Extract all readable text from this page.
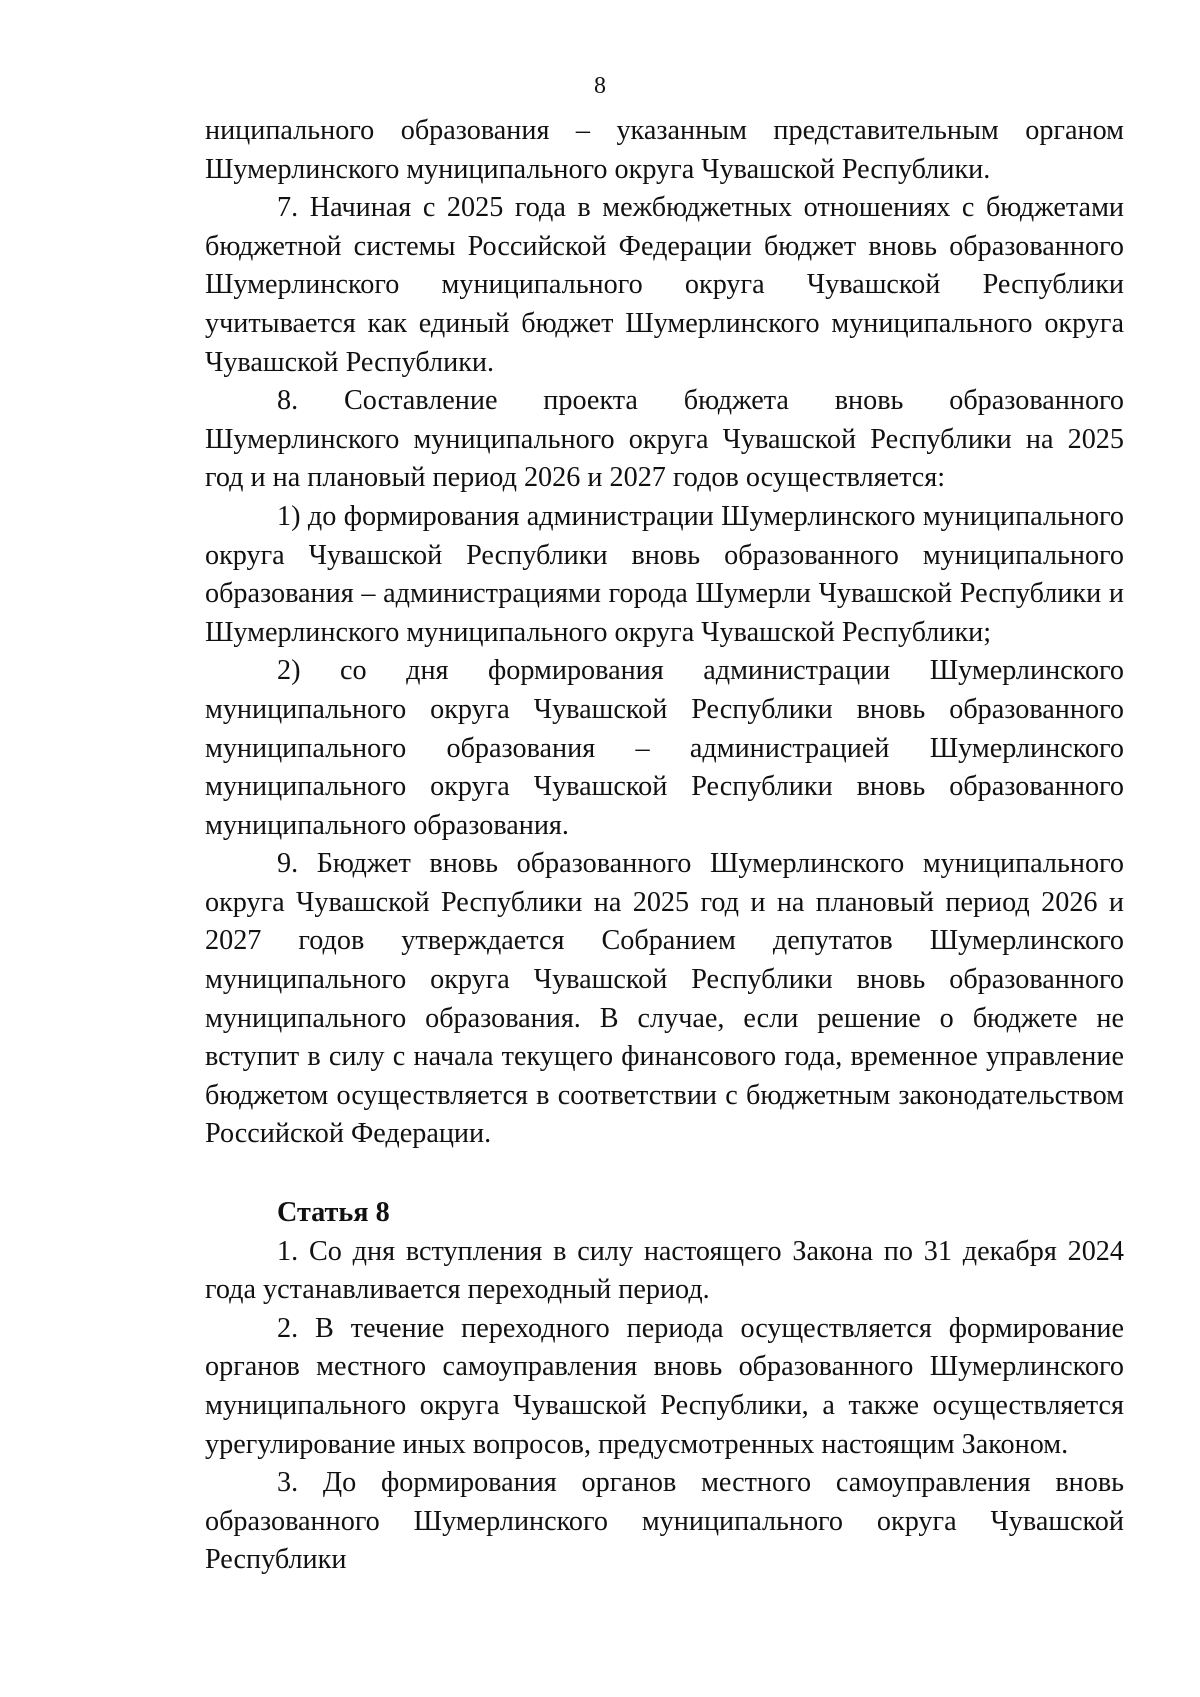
8

ниципального образования – указанным представительным органом Шумерлинского муниципального округа Чувашской Республики.

7. Начиная с 2025 года в межбюджетных отношениях с бюджетами бюджетной системы Российской Федерации бюджет вновь образованного Шумерлинского муниципального округа Чувашской Республики учитывается как единый бюджет Шумерлинского муниципального округа Чувашской Республики.

8. Составление проекта бюджета вновь образованного Шумерлинского муниципального округа Чувашской Республики на 2025 год и на плановый период 2026 и 2027 годов осуществляется:

1) до формирования администрации Шумерлинского муниципального округа Чувашской Республики вновь образованного муниципального образования – администрациями города Шумерли Чувашской Республики и Шумерлинского муниципального округа Чувашской Республики;

2) со дня формирования администрации Шумерлинского муниципального округа Чувашской Республики вновь образованного муниципального образования – администрацией Шумерлинского муниципального округа Чувашской Республики вновь образованного муниципального образования.

9. Бюджет вновь образованного Шумерлинского муниципального округа Чувашской Республики на 2025 год и на плановый период 2026 и 2027 годов утверждается Собранием депутатов Шумерлинского муниципального округа Чувашской Республики вновь образованного муниципального образования. В случае, если решение о бюджете не вступит в силу с начала текущего финансового года, временное управление бюджетом осуществляется в соответствии с бюджетным законодательством Российской Федерации.

Статья 8

1. Со дня вступления в силу настоящего Закона по 31 декабря 2024 года устанавливается переходный период.

2. В течение переходного периода осуществляется формирование органов местного самоуправления вновь образованного Шумерлинского муниципального округа Чувашской Республики, а также осуществляется урегулирование иных вопросов, предусмотренных настоящим Законом.

3. До формирования органов местного самоуправления вновь образованного Шумерлинского муниципального округа Чувашской Республики
